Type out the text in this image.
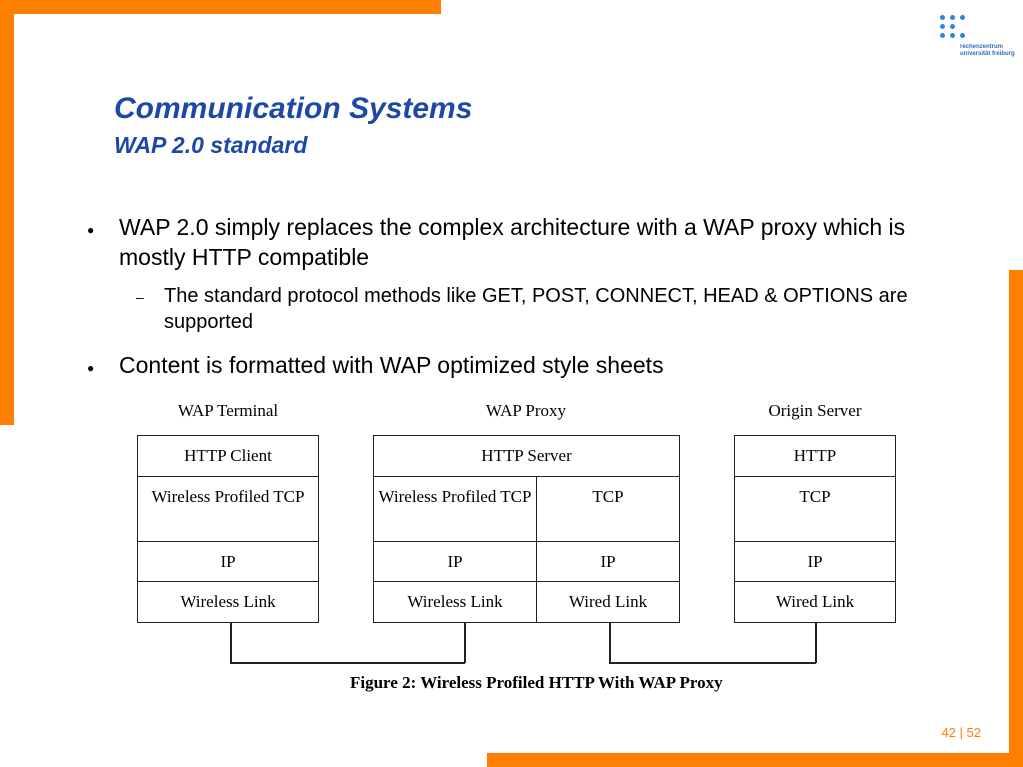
rechenzentrum
universität freiburg
Communication Systems
WAP 2.0 standard
● WAP 2.0 simply replaces the complex architecture with a WAP proxy which is mostly HTTP compatible
– The standard protocol methods like GET, POST, CONNECT, HEAD & OPTIONS are supported
● Content is formatted with WAP optimized style sheets
WAP Terminal	WAP Proxy	Origin Server
HTTP Client
Wireless Profiled TCP
IP
Wireless Link
HTTP Server
Wireless Profiled TCP	TCP
IP	IP
Wireless Link	Wired Link
HTTP
TCP
IP
Wired Link
Figure 2: Wireless Profiled HTTP With WAP Proxy
42 | 52
